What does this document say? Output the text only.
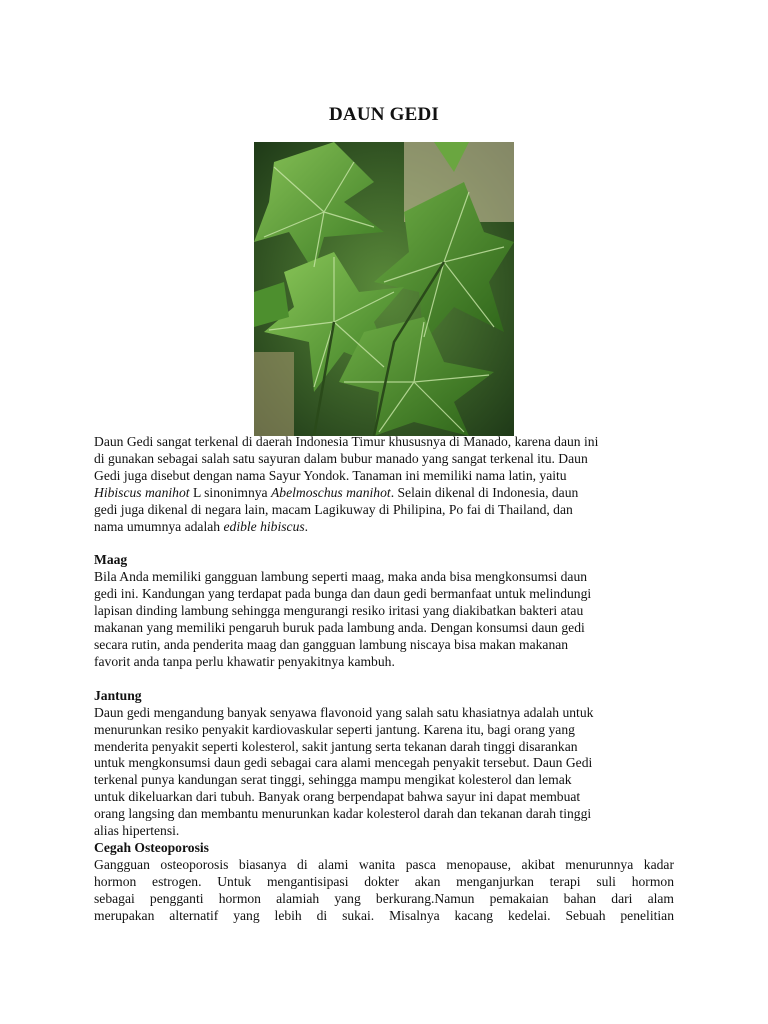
DAUN GEDI
Daun Gedi sangat terkenal di daerah Indonesia Timur khususnya di Manado, karena daun ini
di gunakan sebagai salah satu sayuran dalam bubur manado yang sangat terkenal itu. Daun
Gedi juga disebut dengan nama Sayur Yondok. Tanaman ini memiliki nama latin, yaitu
Hibiscus manihot L sinonimnya Abelmoschus manihot. Selain dikenal di Indonesia, daun
gedi juga dikenal di negara lain, macam Lagikuway di Philipina, Po fai di Thailand, dan
nama umumnya adalah edible hibiscus.
Maag
Bila Anda memiliki gangguan lambung seperti maag, maka anda bisa mengkonsumsi daun
gedi ini. Kandungan yang terdapat pada bunga dan daun gedi bermanfaat untuk melindungi
lapisan dinding lambung sehingga mengurangi resiko iritasi yang diakibatkan bakteri atau
makanan yang memiliki pengaruh buruk pada lambung anda. Dengan konsumsi daun gedi
secara rutin, anda penderita maag dan gangguan lambung niscaya bisa makan makanan
favorit anda tanpa perlu khawatir penyakitnya kambuh.
Jantung
Daun gedi mengandung banyak senyawa flavonoid yang salah satu khasiatnya adalah untuk
menurunkan resiko penyakit kardiovaskular seperti jantung. Karena itu, bagi orang yang
menderita penyakit seperti kolesterol, sakit jantung serta tekanan darah tinggi disarankan
untuk mengkonsumsi daun gedi sebagai cara alami mencegah penyakit tersebut. Daun Gedi
terkenal punya kandungan serat tinggi, sehingga mampu mengikat kolesterol dan lemak
untuk dikeluarkan dari tubuh. Banyak orang berpendapat bahwa sayur ini dapat membuat
orang langsing dan membantu menurunkan kadar kolesterol darah dan tekanan darah tinggi
alias hipertensi.
Cegah Osteoporosis
Gangguan osteoporosis biasanya di alami wanita pasca menopause, akibat menurunnya kadar
hormon estrogen. Untuk mengantisipasi dokter akan menganjurkan terapi suli hormon
sebagai pengganti hormon alamiah yang berkurang.Namun pemakaian bahan dari alam
merupakan alternatif yang lebih di sukai. Misalnya kacang kedelai. Sebuah penelitian
